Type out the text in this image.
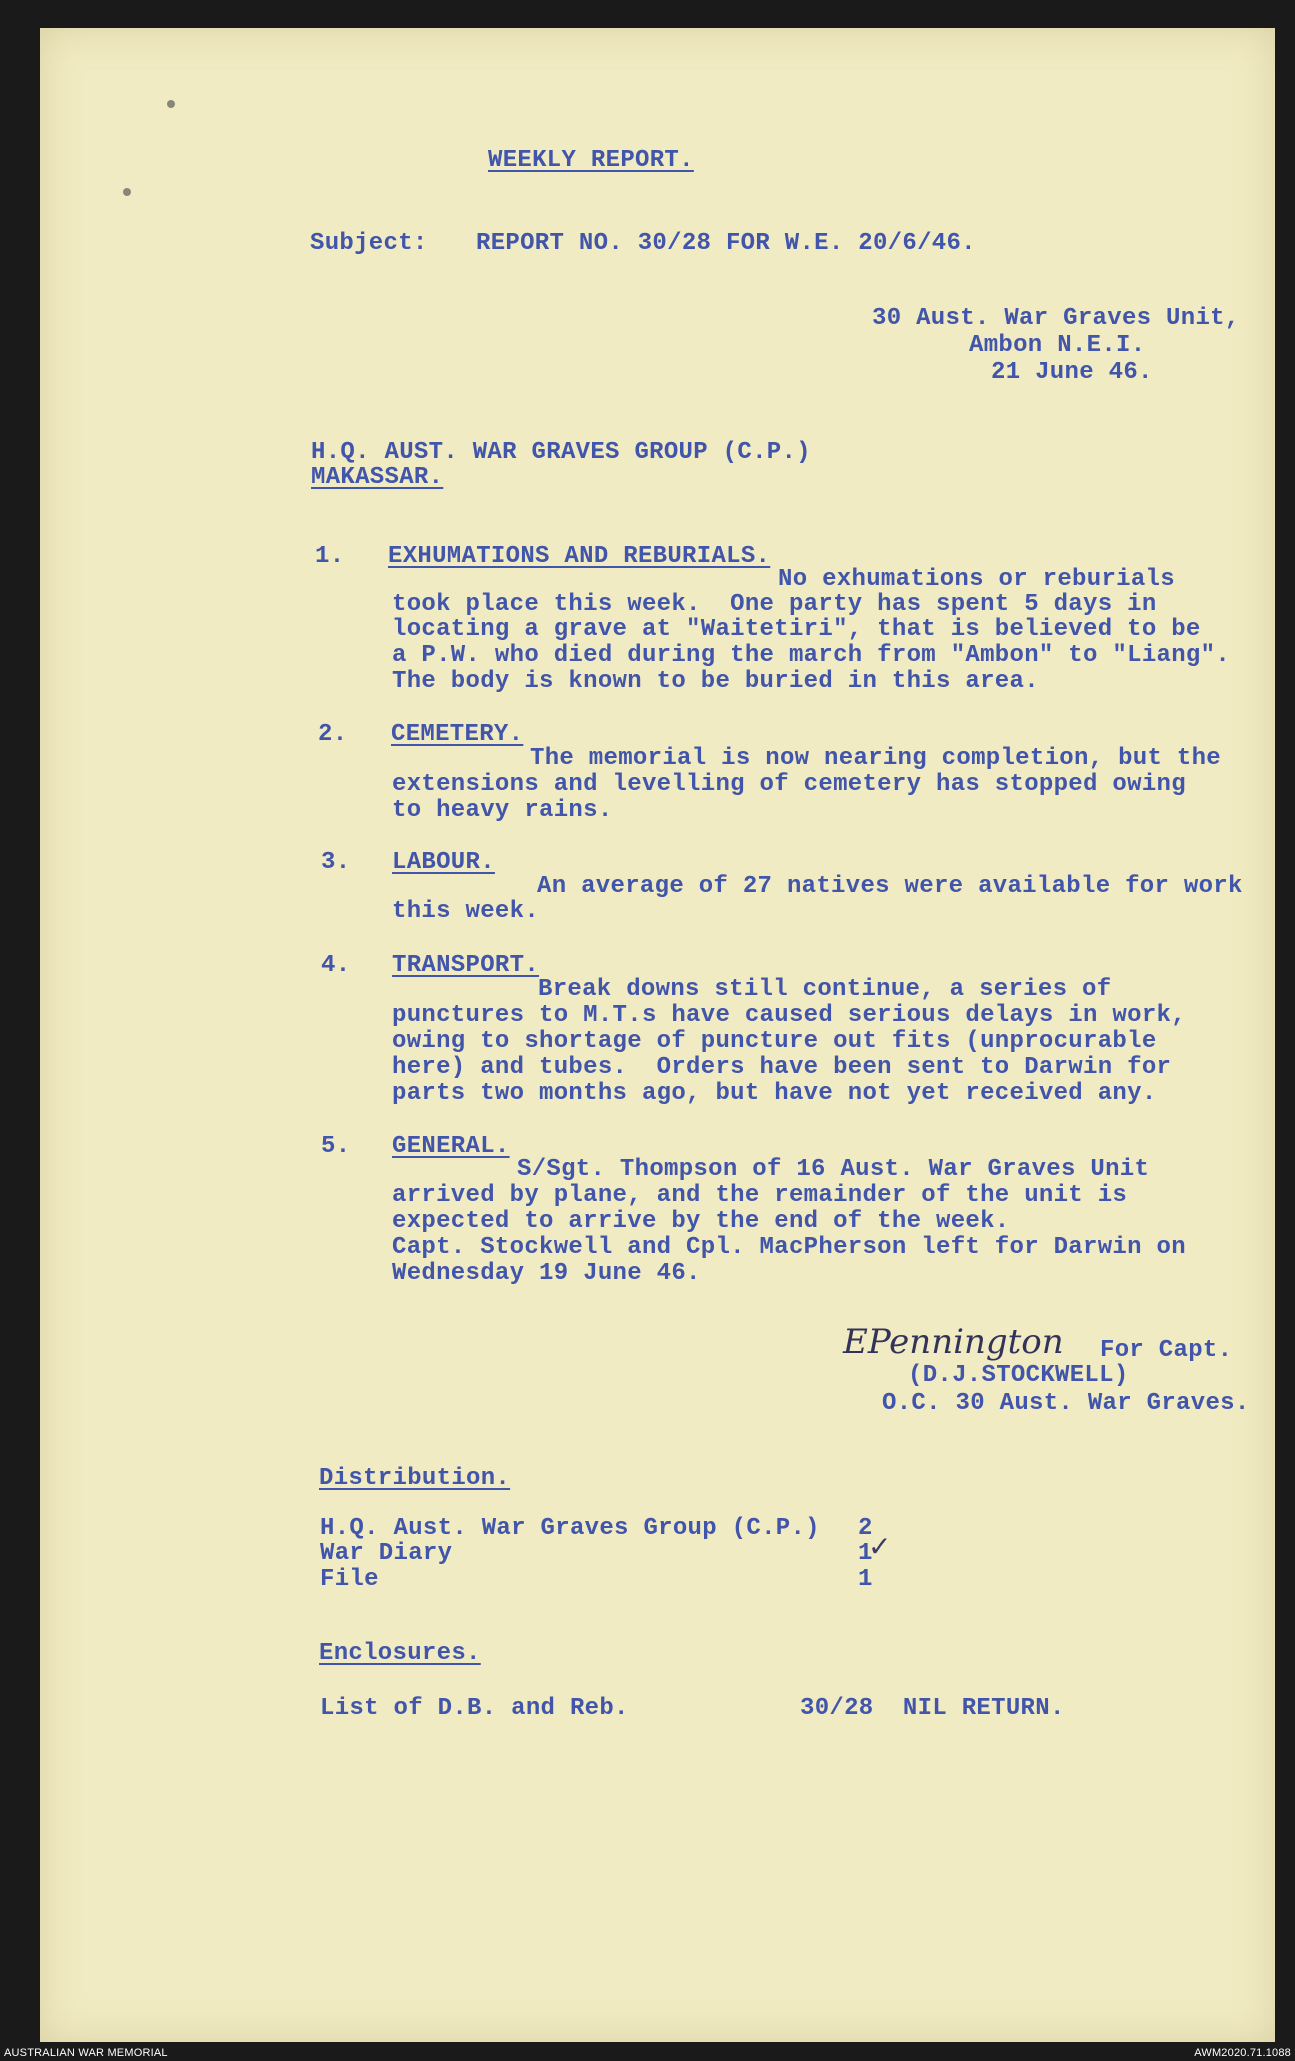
WEEKLY REPORT.
Subject: REPORT NO. 30/28 FOR W.E. 20/6/46.
30 Aust. War Graves Unit,
Ambon N.E.I.
21 June 46.
H.Q. AUST. WAR GRAVES GROUP (C.P.)
MAKASSAR.
1. EXHUMATIONS AND REBURIALS.
No exhumations or reburials
took place this week.  One party has spent 5 days in
locating a grave at "Waitetiri", that is believed to be
a P.W. who died during the march from "Ambon" to "Liang".
The body is known to be buried in this area.
2. CEMETERY.
The memorial is now nearing completion, but the
extensions and levelling of cemetery has stopped owing
to heavy rains.
3. LABOUR.
An average of 27 natives were available for work
this week.
4. TRANSPORT.
Break downs still continue, a series of
punctures to M.T.s have caused serious delays in work,
owing to shortage of puncture out fits (unprocurable
here) and tubes.  Orders have been sent to Darwin for
parts two months ago, but have not yet received any.
5. GENERAL.
S/Sgt. Thompson of 16 Aust. War Graves Unit
arrived by plane, and the remainder of the unit is
expected to arrive by the end of the week.
Capt. Stockwell and Cpl. MacPherson left for Darwin on
Wednesday 19 June 46.
EPennington For Capt.
(D.J.STOCKWELL)
O.C. 30 Aust. War Graves.
Distribution.
H.Q. Aust. War Graves Group (C.P.) 2
War Diary	1
✓
File	1
Enclosures.
List of D.B. and Reb.	30/28  NIL RETURN.
AUSTRALIAN WAR MEMORIAL	AWM2020.71.1088
